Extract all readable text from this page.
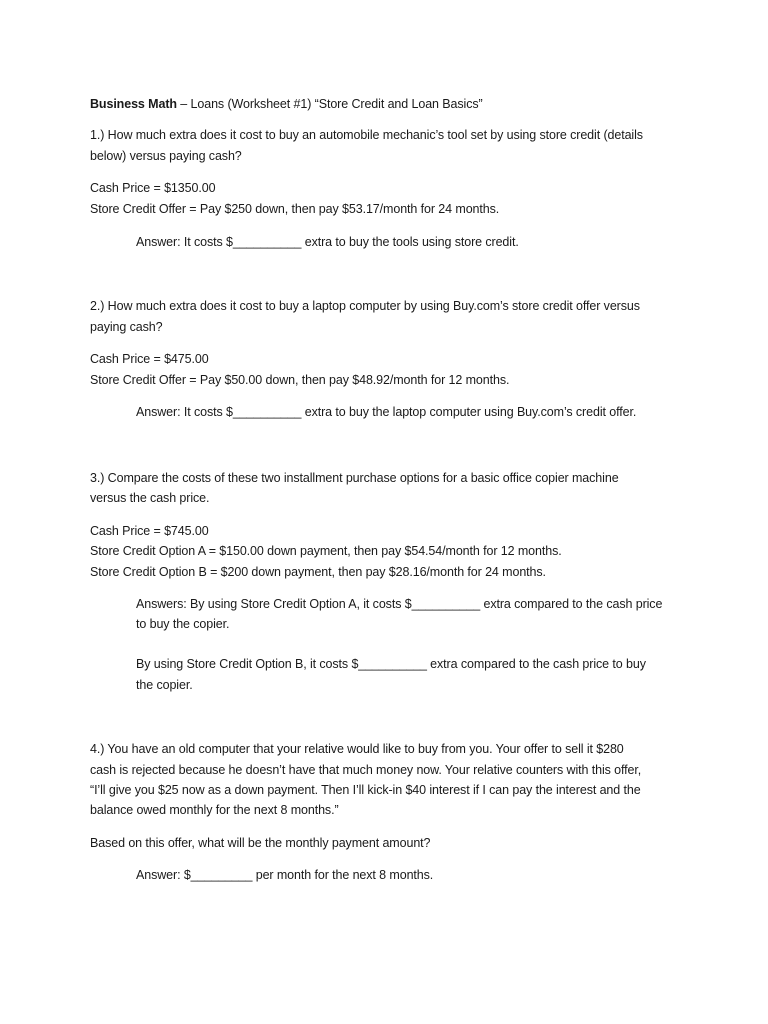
Business Math – Loans (Worksheet #1) “Store Credit and Loan Basics”
1.) How much extra does it cost to buy an automobile mechanic’s tool set by using store credit (details
below) versus paying cash?
Cash Price = $1350.00
Store Credit Offer = Pay $250 down, then pay $53.17/month for 24 months.
Answer: It costs $__________ extra to buy the tools using store credit.
2.) How much extra does it cost to buy a laptop computer by using Buy.com’s store credit offer versus
paying cash?
Cash Price = $475.00
Store Credit Offer = Pay $50.00 down, then pay $48.92/month for 12 months.
Answer: It costs $__________ extra to buy the laptop computer using Buy.com’s credit offer.
3.) Compare the costs of these two installment purchase options for a basic office copier machine
versus the cash price.
Cash Price = $745.00
Store Credit Option A = $150.00 down payment, then pay $54.54/month for 12 months.
Store Credit Option B = $200 down payment, then pay $28.16/month for 24 months.
Answers: By using Store Credit Option A, it costs $__________ extra compared to the cash price
to buy the copier.
By using Store Credit Option B, it costs $__________ extra compared to the cash price to buy
the copier.
4.) You have an old computer that your relative would like to buy from you. Your offer to sell it $280
cash is rejected because he doesn’t have that much money now. Your relative counters with this offer,
“I’ll give you $25 now as a down payment. Then I’ll kick-in $40 interest if I can pay the interest and the
balance owed monthly for the next 8 months.”
Based on this offer, what will be the monthly payment amount?
Answer: $_________ per month for the next 8 months.
